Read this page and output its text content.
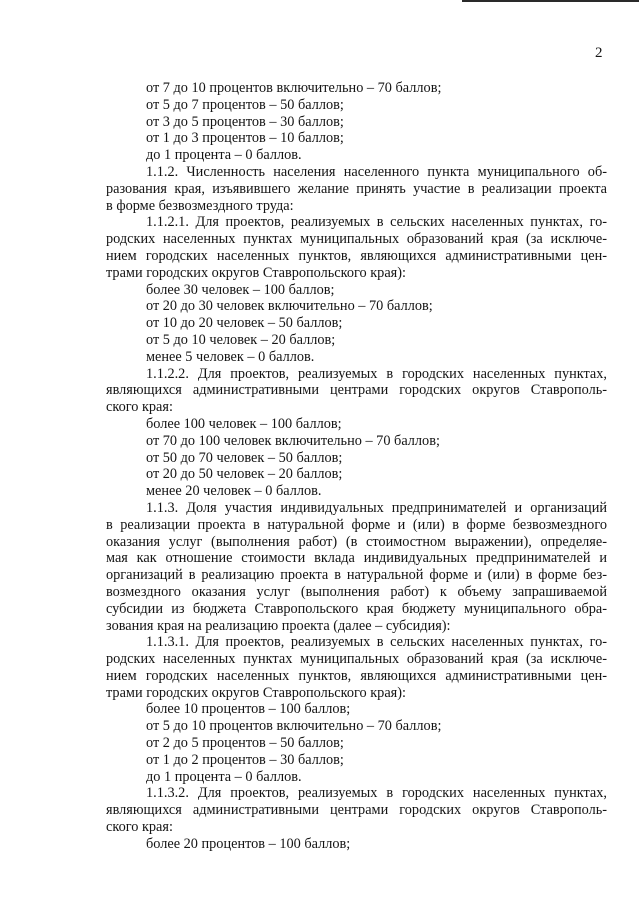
2
от 7 до 10 процентов включительно – 70 баллов;
от 5 до 7 процентов – 50 баллов;
от 3 до 5 процентов – 30 баллов;
от 1 до 3 процентов – 10 баллов;
до 1 процента – 0 баллов.
1.1.2. Численность населения населенного пункта муниципального об-
разования края, изъявившего желание принять участие в реализации проекта
в форме безвозмездного труда:
1.1.2.1. Для проектов, реализуемых в сельских населенных пунктах, го-
родских населенных пунктах муниципальных образований края (за исключе-
нием городских населенных пунктов, являющихся административными цен-
трами городских округов Ставропольского края):
более 30 человек – 100 баллов;
от 20 до 30 человек включительно – 70 баллов;
от 10 до 20 человек – 50 баллов;
от 5 до 10 человек – 20 баллов;
менее 5 человек – 0 баллов.
1.1.2.2. Для проектов, реализуемых в городских населенных пунктах,
являющихся административными центрами городских округов Ставрополь-
ского края:
более 100 человек – 100 баллов;
от 70 до 100 человек включительно – 70 баллов;
от 50 до 70 человек – 50 баллов;
от 20 до 50 человек – 20 баллов;
менее 20 человек – 0 баллов.
1.1.3. Доля участия индивидуальных предпринимателей и организаций
в реализации проекта в натуральной форме и (или) в форме безвозмездного
оказания услуг (выполнения работ) (в стоимостном выражении), определяе-
мая как отношение стоимости вклада индивидуальных предпринимателей и
организаций в реализацию проекта в натуральной форме и (или) в форме без-
возмездного оказания услуг (выполнения работ) к объему запрашиваемой
субсидии из бюджета Ставропольского края бюджету муниципального обра-
зования края на реализацию проекта (далее – субсидия):
1.1.3.1. Для проектов, реализуемых в сельских населенных пунктах, го-
родских населенных пунктах муниципальных образований края (за исключе-
нием городских населенных пунктов, являющихся административными цен-
трами городских округов Ставропольского края):
более 10 процентов – 100 баллов;
от 5 до 10 процентов включительно – 70 баллов;
от 2 до 5 процентов – 50 баллов;
от 1 до 2 процентов – 30 баллов;
до 1 процента – 0 баллов.
1.1.3.2. Для проектов, реализуемых в городских населенных пунктах,
являющихся административными центрами городских округов Ставрополь-
ского края:
более 20 процентов – 100 баллов;
